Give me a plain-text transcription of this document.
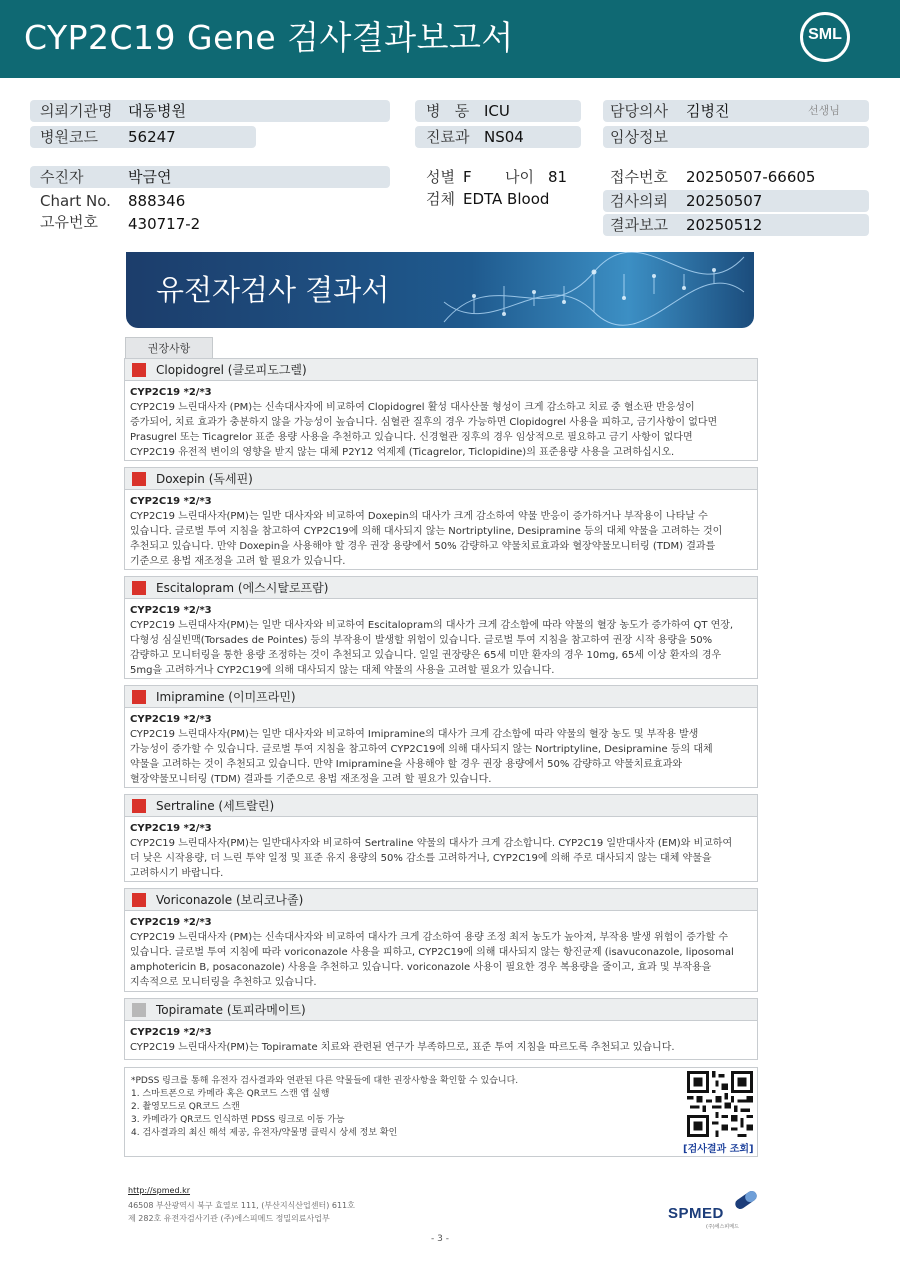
CYP2C19 Gene 검사결과보고서	SML
의뢰기관명 대동병원
병원코드 56247
수진자	박금연
Chart No. 888346
고유번호 430717-2
병   동 ICU
진료과 NS04
성별 F 나이 81
검체 EDTA Blood
담당의사 김병진	선생님
임상정보
접수번호 20250507-66605
검사의뢰 20250507
결과보고 20250512
유전자검사 결과서
권장사항
Clopidogrel (클로피도그렐)
CYP2C19 *2/*3
CYP2C19 느린대사자 (PM)는 신속대사자에 비교하여 Clopidogrel 활성 대사산물 형성이 크게 감소하고 치료 중 혈소판 반응성이
증가되어, 치료 효과가 충분하지 않을 가능성이 높습니다. 심혈관 질후의 경우 가능하면 Clopidogrel 사용을 피하고, 금기사항이 없다면
Prasugrel 또는 Ticagrelor 표준 용량 사용을 추천하고 있습니다. 신경혈관 징후의 경우 임상적으로 필요하고 금기 사항이 없다면
CYP2C19 유전적 변이의 영향을 받지 않는 대체 P2Y12 억제제 (Ticagrelor, Ticlopidine)의 표준용량 사용을 고려하십시오.
Doxepin (독세핀)
CYP2C19 *2/*3
CYP2C19 느린대사자(PM)는 일반 대사자와 비교하여 Doxepin의 대사가 크게 감소하여 약물 반응이 증가하거나 부작용이 나타날 수
있습니다. 글로벌 투여 지침을 참고하여 CYP2C19에 의해 대사되지 않는 Nortriptyline, Desipramine 등의 대체 약물을 고려하는 것이
추천되고 있습니다. 만약 Doxepin을 사용해야 할 경우 권장 용량에서 50% 감량하고 약물치료효과와 혈장약물모니터링 (TDM) 결과를
기준으로 용법 재조정을 고려 할 필요가 있습니다.
Escitalopram (에스시탈로프람)
CYP2C19 *2/*3
CYP2C19 느린대사자(PM)는 일반 대사자와 비교하여 Escitalopram의 대사가 크게 감소함에 따라 약물의 혈장 농도가 증가하여 QT 연장,
다형성 심실빈맥(Torsades de Pointes) 등의 부작용이 발생할 위험이 있습니다. 글로벌 투여 지침을 참고하여 권장 시작 용량을 50%
감량하고 모니터링을 통한 용량 조정하는 것이 추천되고 있습니다. 일일 권장량은 65세 미만 환자의 경우 10mg, 65세 이상 환자의 경우
5mg을 고려하거나 CYP2C19에 의해 대사되지 않는 대체 약물의 사용을 고려할 필요가 있습니다.
Imipramine (이미프라민)
CYP2C19 *2/*3
CYP2C19 느린대사자(PM)는 일반 대사자와 비교하여 Imipramine의 대사가 크게 감소함에 따라 약물의 혈장 농도 및 부작용 발생
가능성이 증가할 수 있습니다. 글로벌 투여 지침을 참고하여 CYP2C19에 의해 대사되지 않는 Nortriptyline, Desipramine 등의 대체
약물을 고려하는 것이 추천되고 있습니다. 만약 Imipramine을 사용해야 할 경우 권장 용량에서 50% 감량하고 약물치료효과와
혈장약물모니터링 (TDM) 결과를 기준으로 용법 재조정을 고려 할 필요가 있습니다.
Sertraline (세트랄린)
CYP2C19 *2/*3
CYP2C19 느린대사자(PM)는 일반대사자와 비교하여 Sertraline 약물의 대사가 크게 감소합니다. CYP2C19 일반대사자 (EM)와 비교하여
더 낮은 시작용량, 더 느린 투약 일정 및 표준 유지 용량의 50% 감소를 고려하거나, CYP2C19에 의해 주로 대사되지 않는 대체 약물을
고려하시기 바랍니다.
Voriconazole (보리코나졸)
CYP2C19 *2/*3
CYP2C19 느린대사자 (PM)는 신속대사자와 비교하여 대사가 크게 감소하여 용량 조정 최저 농도가 높아져, 부작용 발생 위험이 증가할 수
있습니다. 글로벌 투여 지침에 따라 voriconazole 사용을 피하고, CYP2C19에 의해 대사되지 않는 항진균제 (isavuconazole, liposomal
amphotericin B, posaconazole) 사용을 추천하고 있습니다. voriconazole 사용이 필요한 경우 복용량을 줄이고, 효과 및 부작용을
지속적으로 모니터링을 추천하고 있습니다.
Topiramate (토피라메이트)
CYP2C19 *2/*3
CYP2C19 느린대사자(PM)는 Topiramate 치료와 관련된 연구가 부족하므로, 표준 투여 지침을 따르도록 추천되고 있습니다.
*PDSS 링크를 통해 유전자 검사결과와 연관된 다른 약물들에 대한 권장사항을 확인할 수 있습니다.
1. 스마트폰으로 카메라 혹은 QR코드 스캔 앱 실행
2. 촬영모드로 QR코드 스캔
3. 카메라가 QR코드 인식하면 PDSS 링크로 이동 가능
4. 검사결과의 최신 해석 제공, 유전자/약물명 클릭시 상세 정보 확인
[검사결과 조회]
http://spmed.kr
46508 부산광역시 북구 효열로 111, (부산지식산업센터) 611호
제 282호 유전자검사기관 (주)에스피메드 정밀의료사업부	SPMED
(주)에스피메드
- 3 -
